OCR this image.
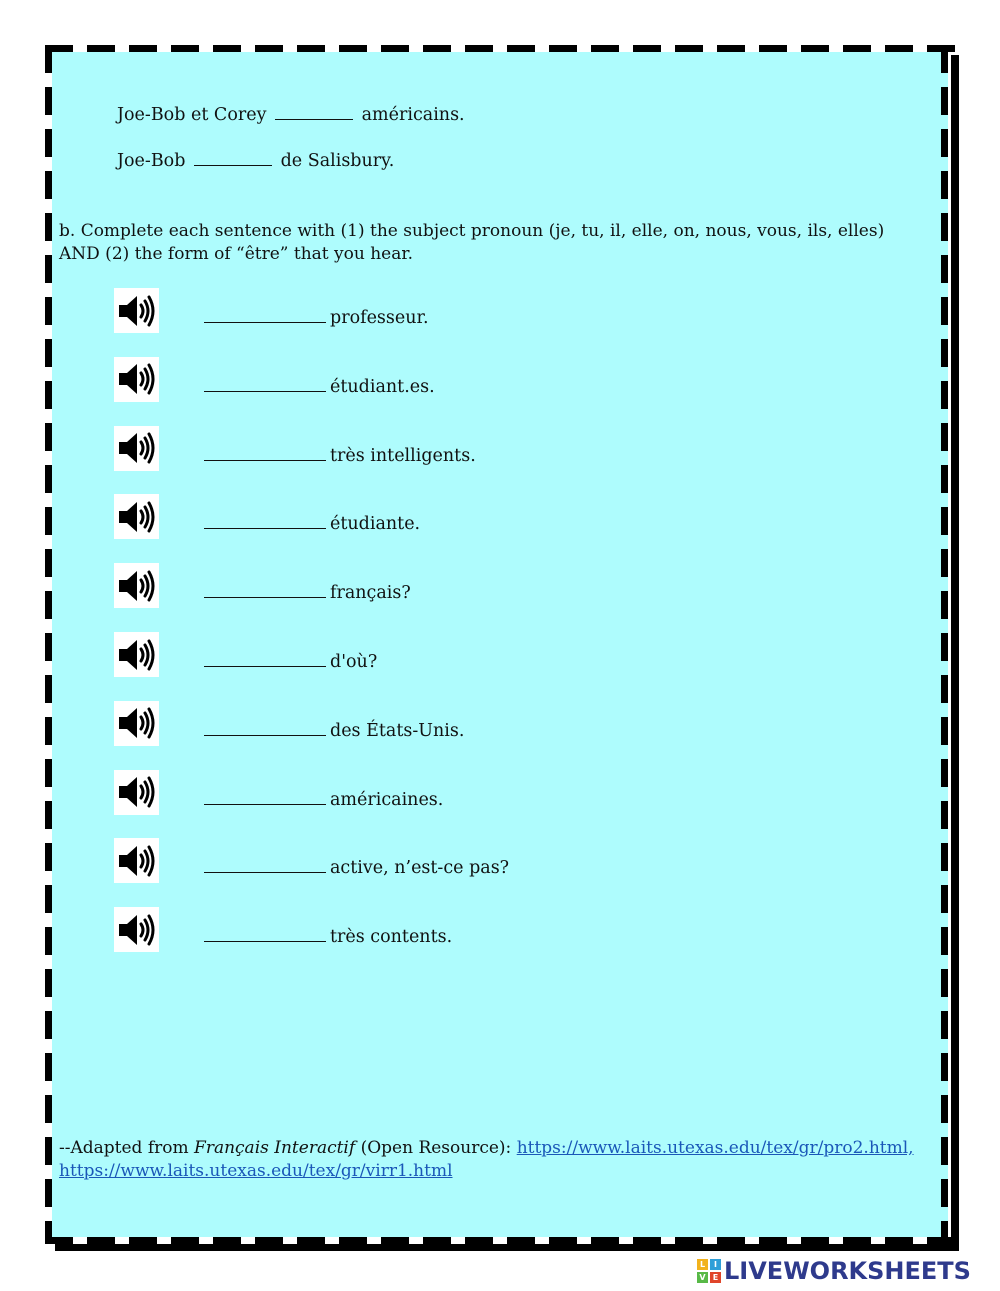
Joe-Bob et Corey	américains.
Joe-Bob	de Salisbury.
b. Complete each sentence with (1) the subject pronoun (je, tu, il, elle, on, nous, vous, ils, elles) AND (2) the form of “être” that you hear.
professeur.
étudiant.es.
très intelligents.
étudiante.
français?
d'où?
des États-Unis.
américaines.
active, n’est-ce pas?
très contents.
--Adapted from Français Interactif (Open Resource): https://www.laits.utexas.edu/tex/gr/pro2.html,
https://www.laits.utexas.edu/tex/gr/virr1.html
L	I
V E LIVEWORKSHEETS
